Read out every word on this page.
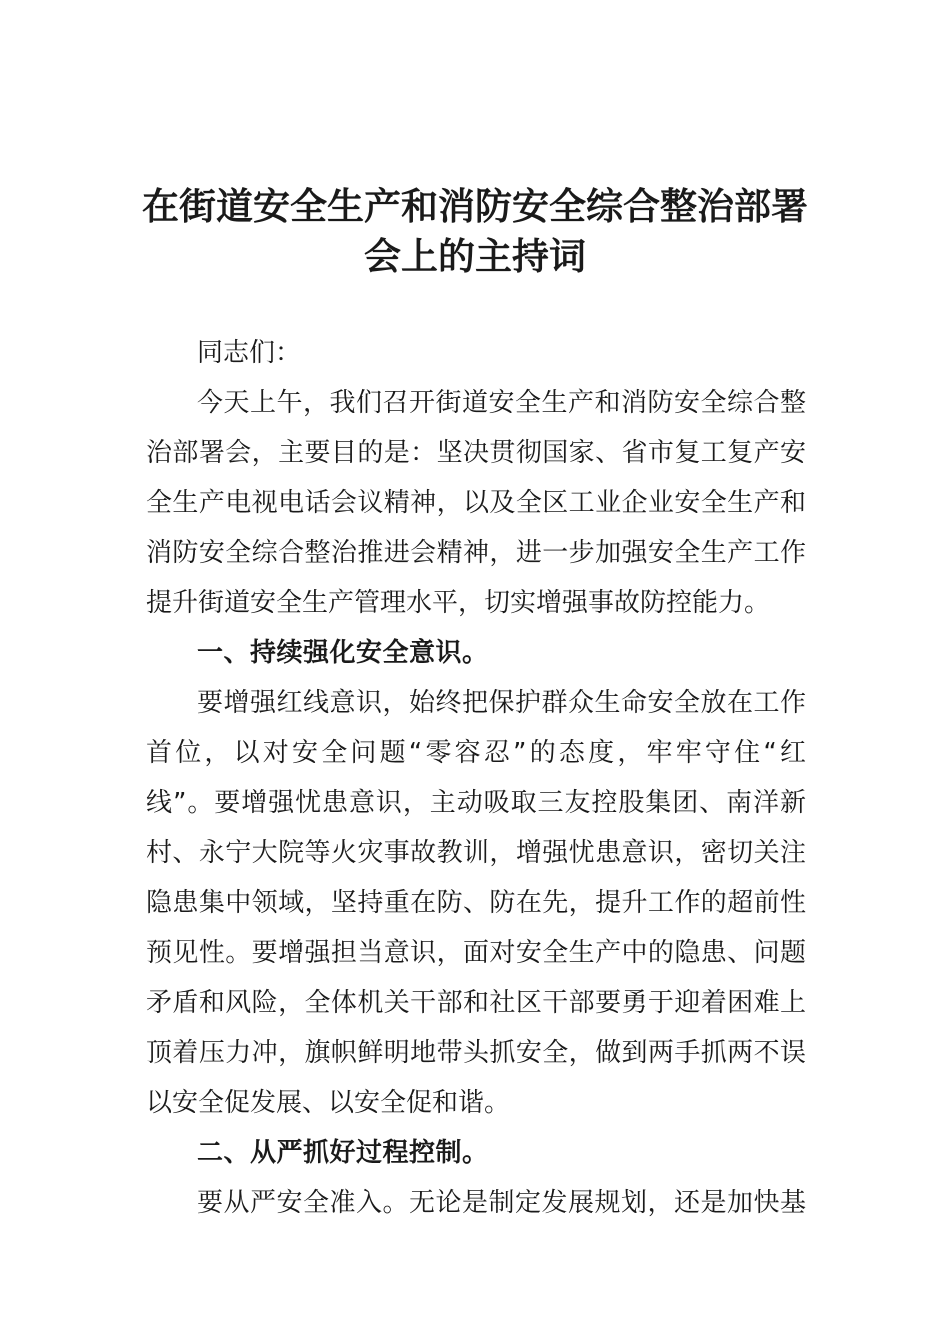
在街道安全生产和消防安全综合整治部署
会上的主持词

同志们：

今天上午，我们召开街道安全生产和消防安全综合整

治部署会，主要目的是：坚决贯彻国家、省市复工复产安

全生产电视电话会议精神，以及全区工业企业安全生产和

消防安全综合整治推进会精神，进一步加强安全生产工作

提升街道安全生产管理水平，切实增强事故防控能力。

一、持续强化安全意识。

要增强红线意识，始终把保护群众生命安全放在工作

首位，以对安全问题“零容忍”的态度，牢牢守住“红

线”。要增强忧患意识，主动吸取三友控股集团、南洋新

村、永宁大院等火灾事故教训，增强忧患意识，密切关注

隐患集中领域，坚持重在防、防在先，提升工作的超前性

预见性。要增强担当意识，面对安全生产中的隐患、问题

矛盾和风险，全体机关干部和社区干部要勇于迎着困难上

顶着压力冲，旗帜鲜明地带头抓安全，做到两手抓两不误

以安全促发展、以安全促和谐。

二、从严抓好过程控制。

要从严安全准入。无论是制定发展规划，还是加快基
